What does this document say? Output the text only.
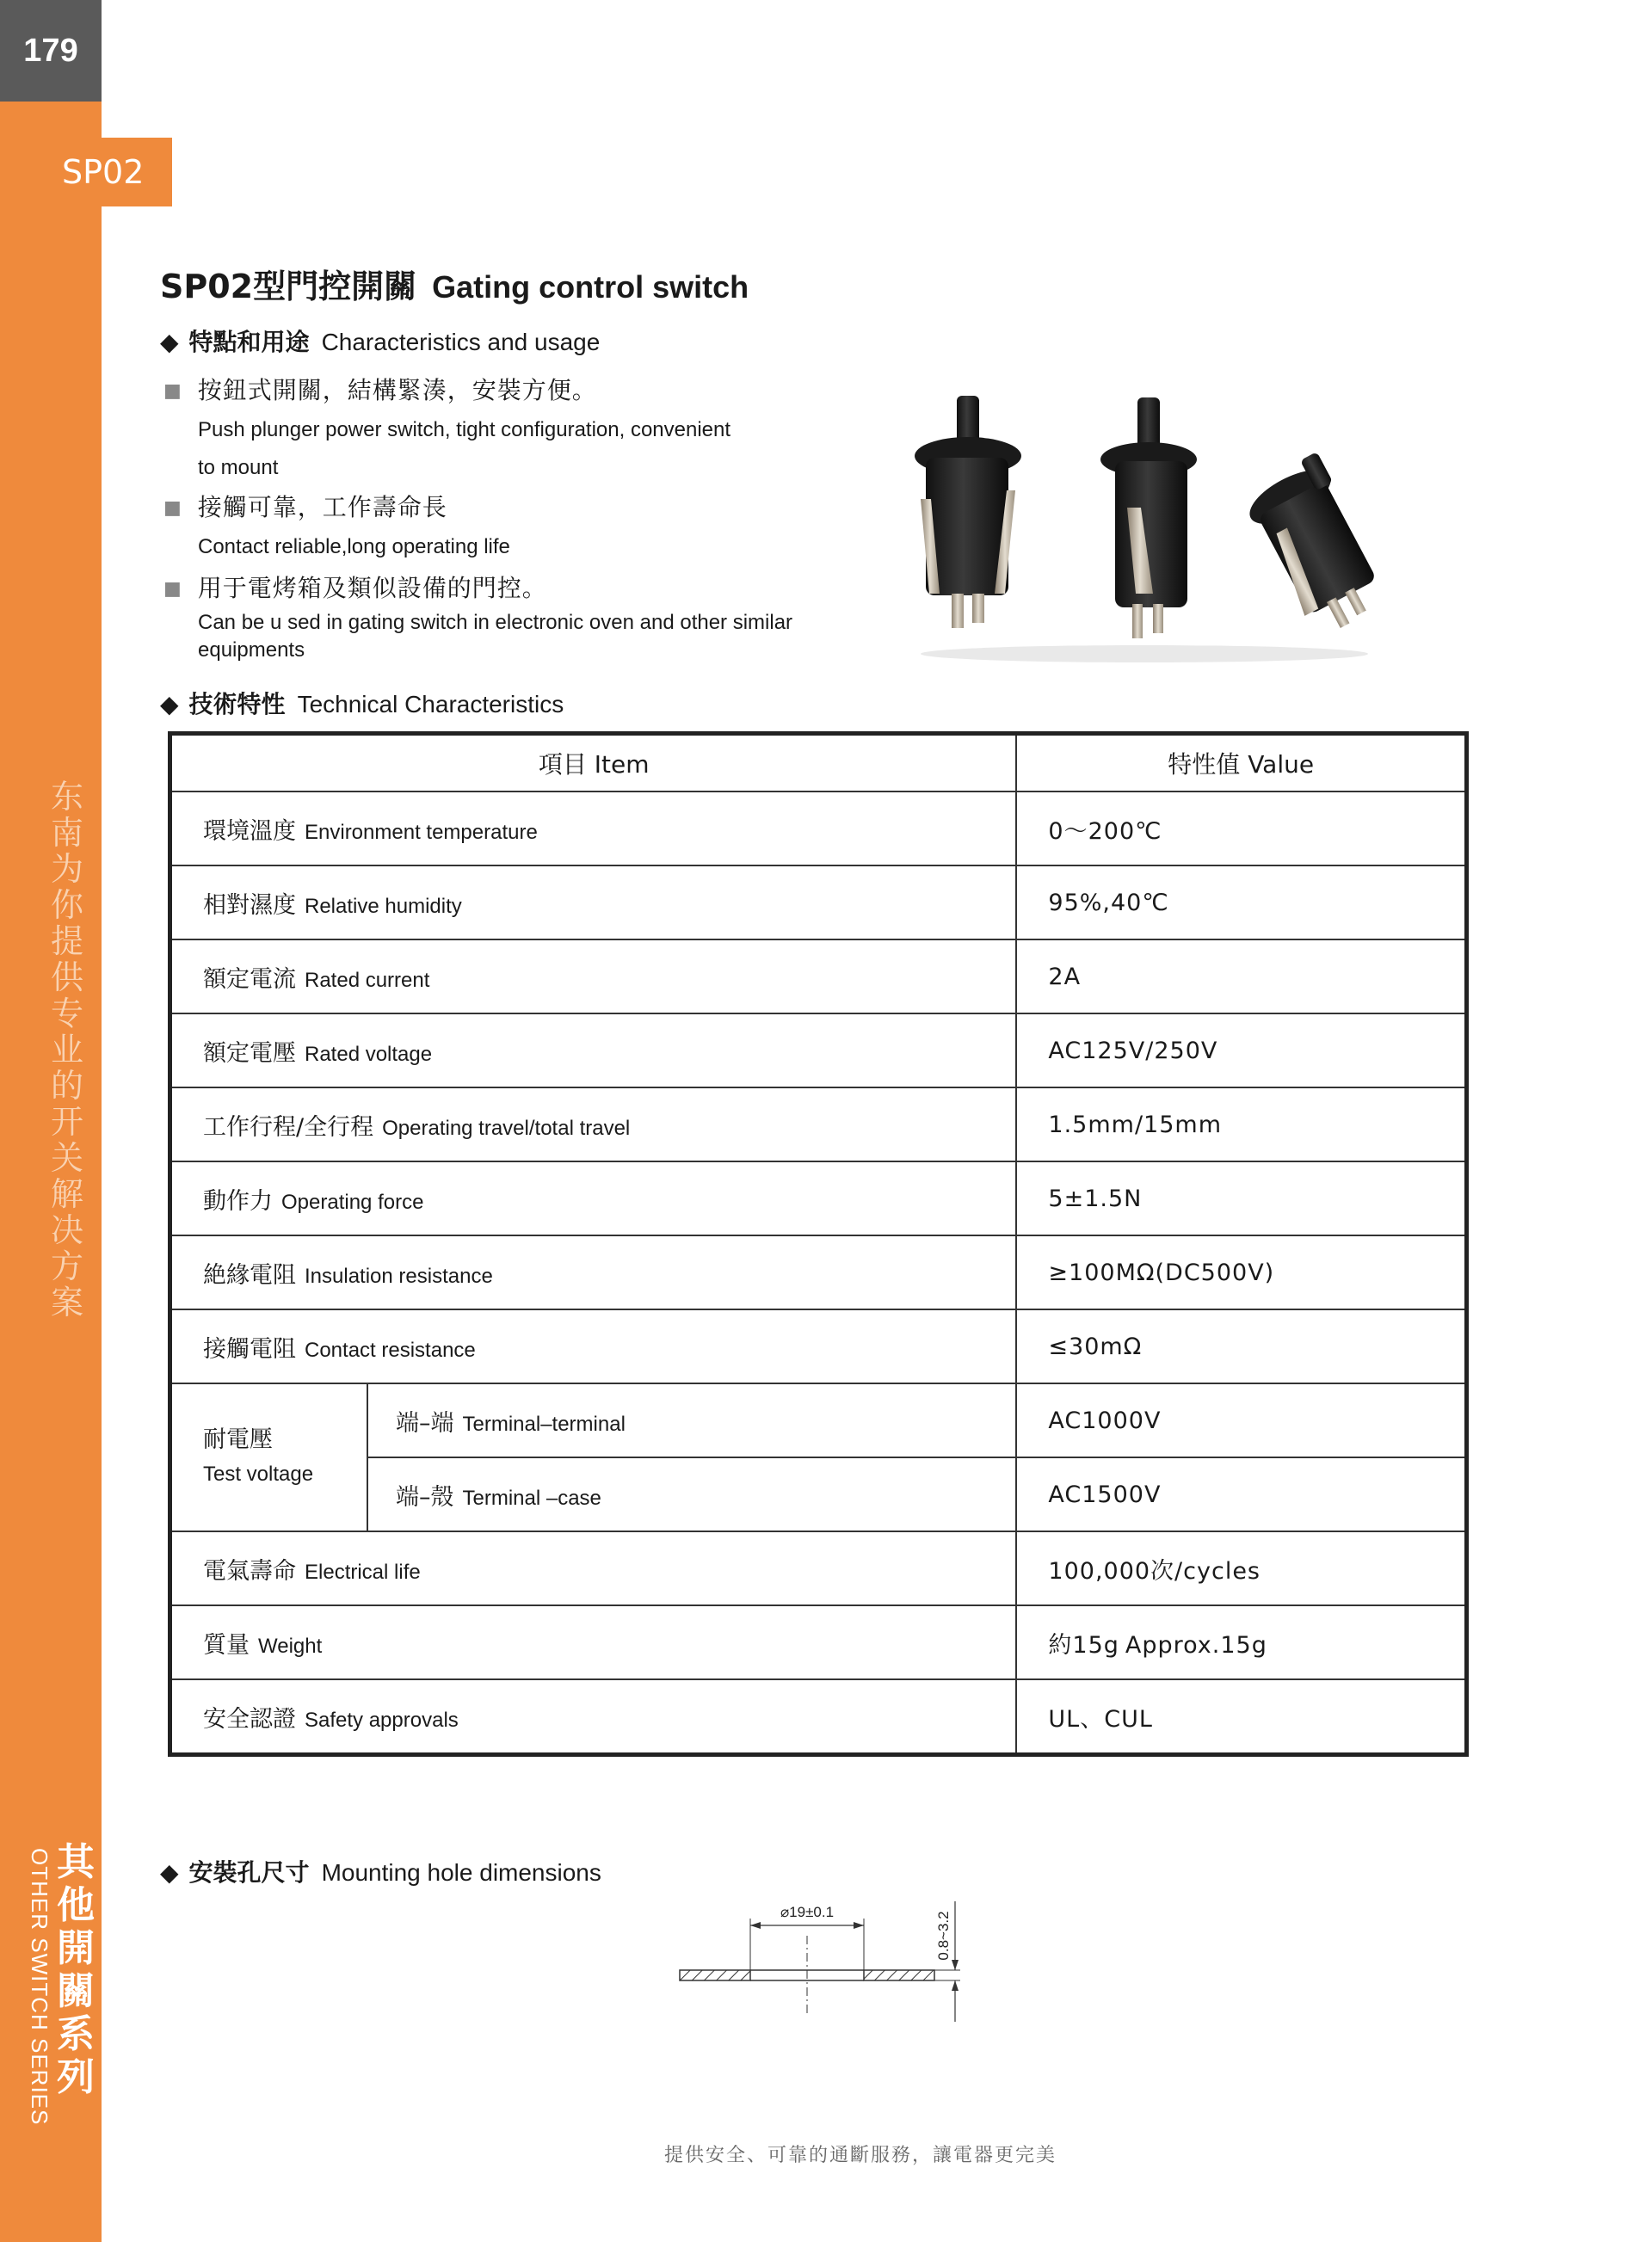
SP02
179
东南为你提供专业的开关解决方案
其他開關系列
OTHER SWITCH SERIES
SP02型門控開關 Gating control switch
◆ 特點和用途 Characteristics and usage
■ 按鈕式開關，結構緊湊，安裝方便。
Push plunger power switch, tight configuration, convenient
to mount
■ 接觸可靠，工作壽命長
Contact reliable,long operating life
■ 用于電烤箱及類似設備的門控。
Can be u sed in gating switch in electronic oven and other similar
equipments
◆ 技術特性 Technical Characteristics
項目 Item		特性值 Value
環境溫度 Environment temperature		0～200℃
相對濕度 Relative humidity		95%,40℃
額定電流 Rated current		2A
額定電壓 Rated voltage		AC125V/250V
工作行程/全行程 Operating travel/total travel		1.5mm/15mm
動作力 Operating force		5±1.5N
絶緣電阻 Insulation resistance		≥100MΩ(DC500V)
接觸電阻 Contact resistance		≤30mΩ

耐電壓
Test voltage	端–端 Terminal–terminal	AC1000V
	端–殼 Terminal –case	AC1500V
電氣壽命 Electrical life		100,000次/cycles
質量 Weight		約15g Approx.15g
安全認證 Safety approvals		UL、CUL
◆ 安裝孔尺寸 Mounting hole dimensions
⌀19±0.1	0.8~3.2
提供安全、可靠的通斷服務，讓電器更完美
